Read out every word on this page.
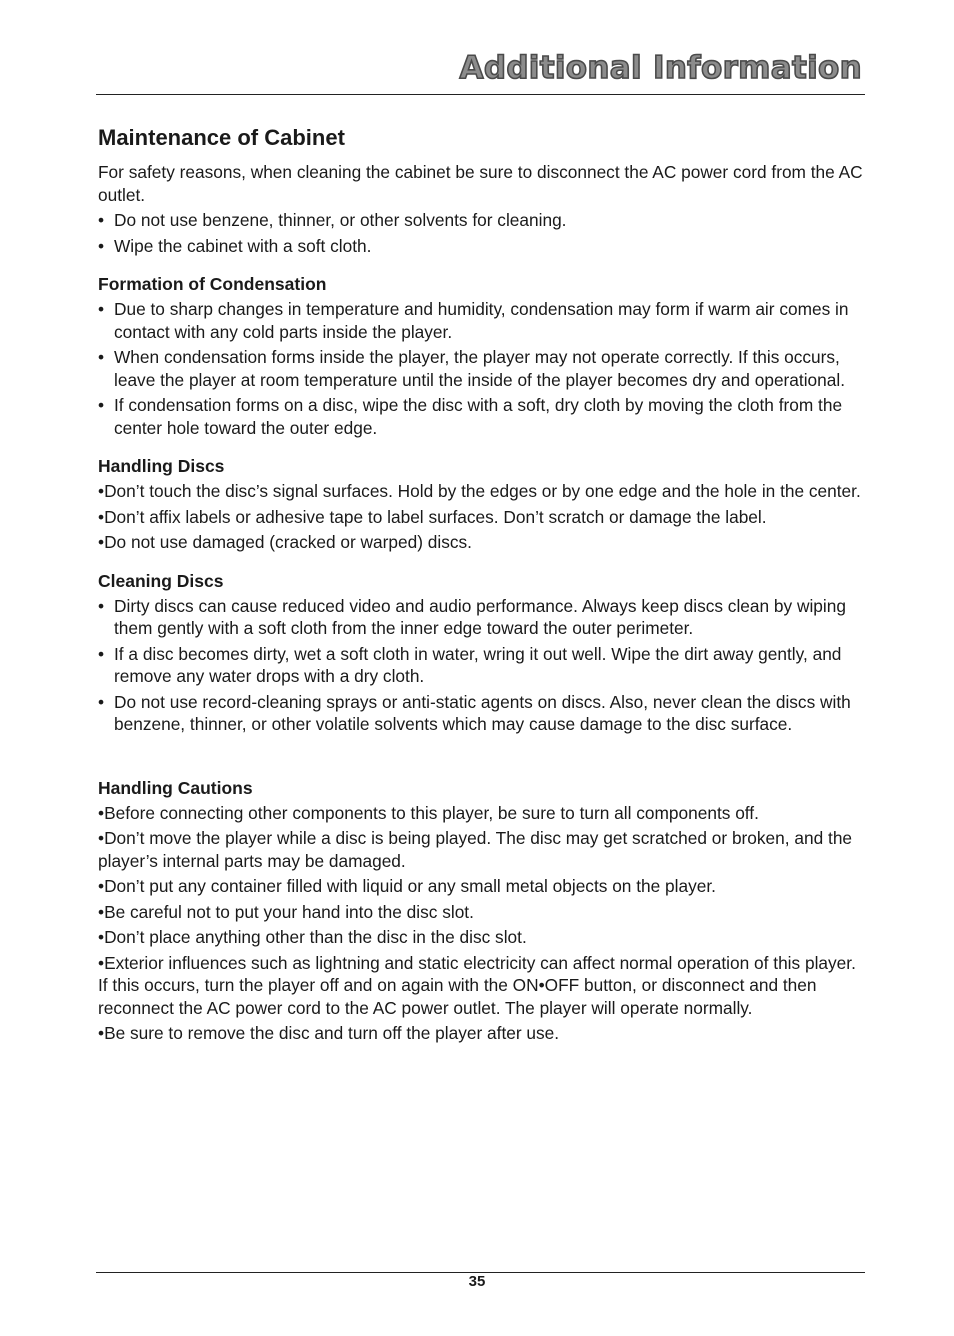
Additional Information
Maintenance of Cabinet

For safety reasons, when cleaning the cabinet be sure to disconnect the AC power cord from the AC outlet.

• Do not use benzene, thinner, or other solvents for cleaning.
• Wipe the cabinet with a soft cloth.
Formation of Condensation
• Due to sharp changes in temperature and humidity, condensation may form if warm air comes in contact with any cold parts inside the player.
• When condensation forms inside the player, the player may not operate correctly. If this occurs, leave the player at room temperature until the inside of the player becomes dry and operational.
• If condensation forms on a disc, wipe the disc with a soft, dry cloth by moving the cloth from the center hole toward the outer edge.
Handling Discs
• Don’t touch the disc’s signal surfaces. Hold by the edges or by one edge and the hole in the center.
• Don’t affix labels or adhesive tape to label surfaces. Don’t scratch or damage the label.
• Do not use damaged (cracked or warped) discs.
Cleaning Discs
• Dirty discs can cause reduced video and audio performance. Always keep discs clean by wiping them gently with a soft cloth from the inner edge toward the outer perimeter.
• If a disc becomes dirty, wet a soft cloth in water, wring it out well. Wipe the dirt away gently, and remove any water drops with a dry cloth.
• Do not use record-cleaning sprays or anti-static agents on discs. Also, never clean the discs with benzene, thinner, or other volatile solvents which may cause damage to the disc surface.
Handling Cautions
• Before connecting other components to this player, be sure to turn all components off.
• Don’t move the player while a disc is being played. The disc may get scratched or broken, and the player’s internal parts may be damaged.
• Don’t put any container filled with liquid or any small metal objects on the player.
• Be careful not to put your hand into the disc slot.
• Don’t place anything other than the disc in the disc slot.
• Exterior influences such as lightning and static electricity can affect normal operation of this player. If this occurs, turn the player off and on again with the ON•OFF button, or disconnect and then reconnect the AC power cord to the AC power outlet. The player will operate normally.
• Be sure to remove the disc and turn off the player after use.
35
